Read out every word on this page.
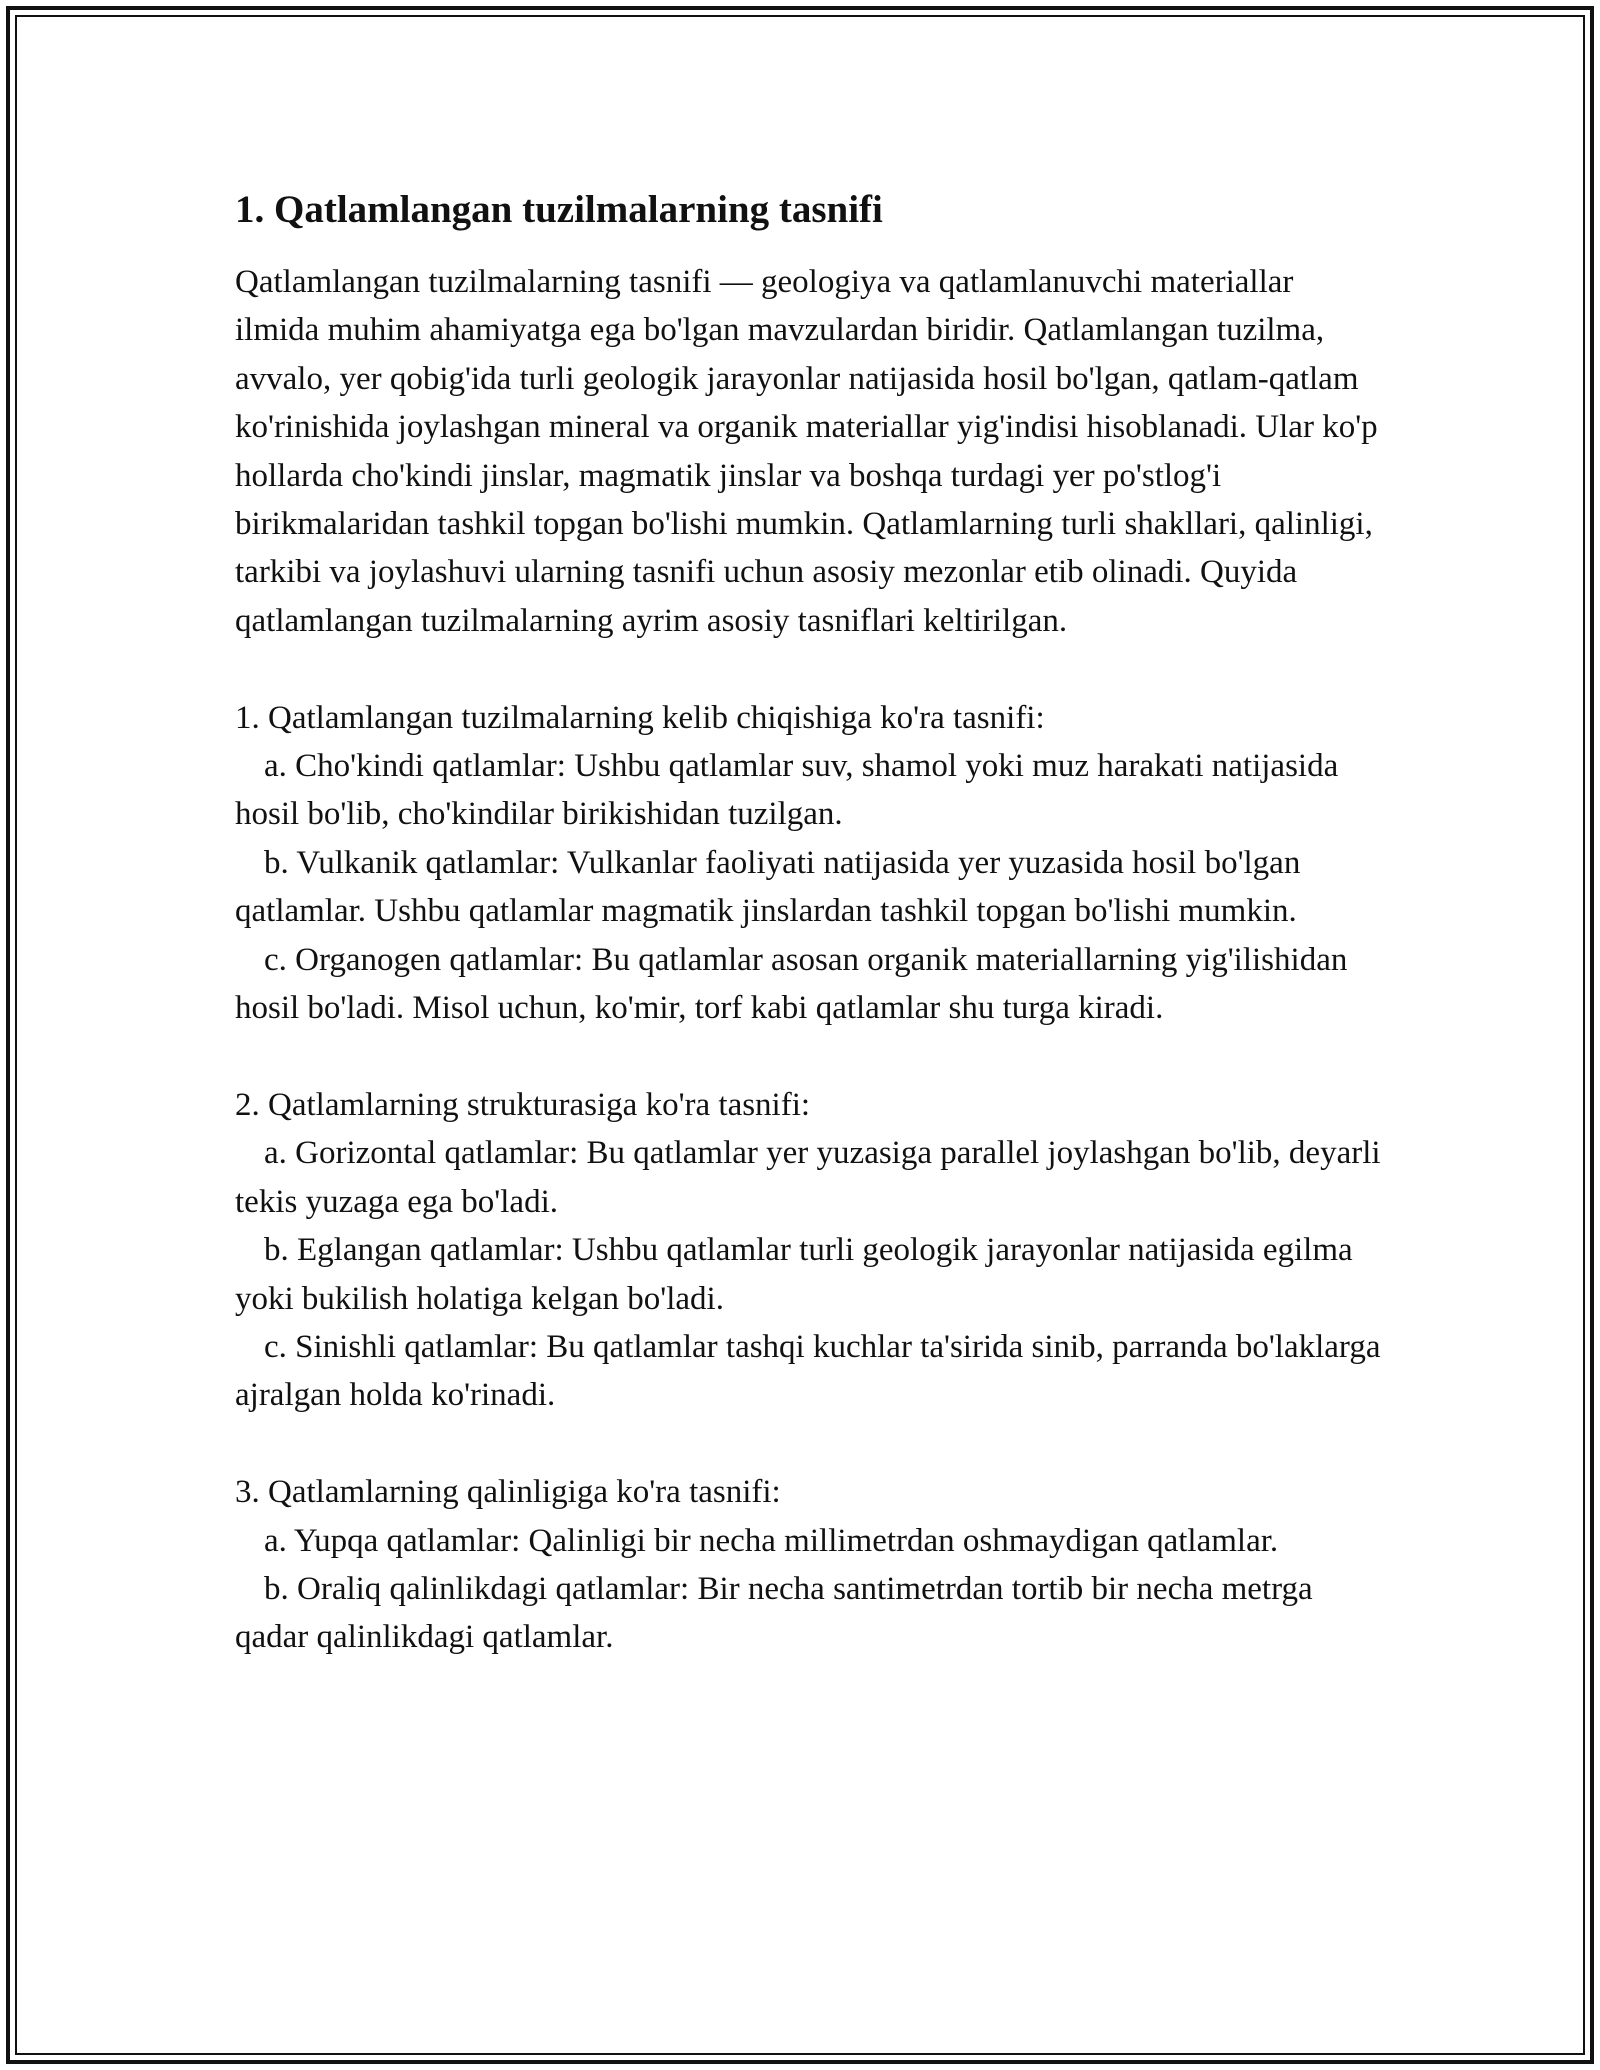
1. Qatlamlangan tuzilmalarning tasnifi

Qatlamlangan tuzilmalarning tasnifi — geologiya va qatlamlanuvchi materiallar ilmida muhim ahamiyatga ega bo'lgan mavzulardan biridir. Qatlamlangan tuzilma, avvalo, yer qobig'ida turli geologik jarayonlar natijasida hosil bo'lgan, qatlam-qatlam ko'rinishida joylashgan mineral va organik materiallar yig'indisi hisoblanadi. Ular ko'p hollarda cho'kindi jinslar, magmatik jinslar va boshqa turdagi yer po'stlog'i birikmalaridan tashkil topgan bo'lishi mumkin. Qatlamlarning turli shakllari, qalinligi, tarkibi va joylashuvi ularning tasnifi uchun asosiy mezonlar etib olinadi. Quyida qatlamlangan tuzilmalarning ayrim asosiy tasniflari keltirilgan.

1. Qatlamlangan tuzilmalarning kelib chiqishiga ko'ra tasnifi:

a. Cho'kindi qatlamlar: Ushbu qatlamlar suv, shamol yoki muz harakati natijasida hosil bo'lib, cho'kindilar birikishidan tuzilgan.

b. Vulkanik qatlamlar: Vulkanlar faoliyati natijasida yer yuzasida hosil bo'lgan qatlamlar. Ushbu qatlamlar magmatik jinslardan tashkil topgan bo'lishi mumkin.

c. Organogen qatlamlar: Bu qatlamlar asosan organik materiallarning yig'ilishidan hosil bo'ladi. Misol uchun, ko'mir, torf kabi qatlamlar shu turga kiradi.

2. Qatlamlarning strukturasiga ko'ra tasnifi:

a. Gorizontal qatlamlar: Bu qatlamlar yer yuzasiga parallel joylashgan bo'lib, deyarli tekis yuzaga ega bo'ladi.

b. Eglangan qatlamlar: Ushbu qatlamlar turli geologik jarayonlar natijasida egilma yoki bukilish holatiga kelgan bo'ladi.

c. Sinishli qatlamlar: Bu qatlamlar tashqi kuchlar ta'sirida sinib, parranda bo'laklarga ajralgan holda ko'rinadi.

3. Qatlamlarning qalinligiga ko'ra tasnifi:

a. Yupqa qatlamlar: Qalinligi bir necha millimetrdan oshmaydigan qatlamlar.

b. Oraliq qalinlikdagi qatlamlar: Bir necha santimetrdan tortib bir necha metrga qadar qalinlikdagi qatlamlar.
